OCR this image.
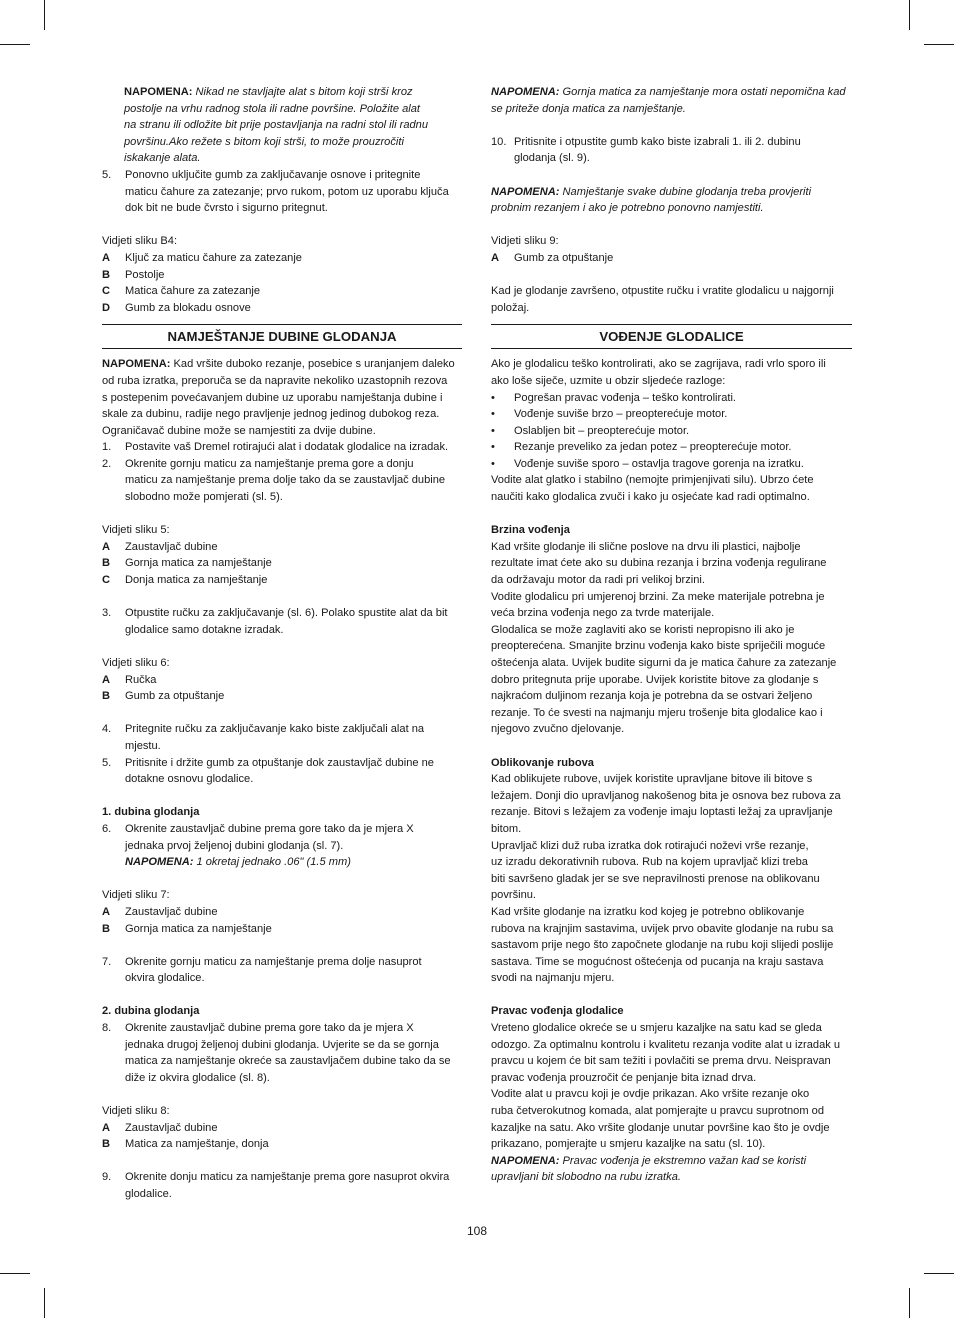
NAPOMENA: Nikad ne stavljajte alat s bitom koji strši kroz

postolje na vrhu radnog stola ili radne površine. Položite alat

na stranu ili odložite bit prije postavljanja na radni stol ili radnu

površinu.Ako režete s bitom koji strši, to može prouzročiti

iskakanje alata.

5.	Ponovno uključite gumb za zaključavanje osnove i pritegnite

maticu čahure za zatezanje; prvo rukom, potom uz uporabu ključa

dok bit ne bude čvrsto i sigurno pritegnut.

Vidjeti sliku B4:

A	Ključ za maticu čahure za zatezanje
B	Postolje
C	Matica čahure za zatezanje
D	Gumb za blokadu osnove
NAMJEŠTANJE DUBINE GLODANJA

NAPOMENA: Kad vršite duboko rezanje, posebice s uranjanjem daleko

od ruba izratka, preporuča se da napravite nekoliko uzastopnih rezova

s postepenim povećavanjem dubine uz uporabu namještanja dubine i

skale za dubinu, radije nego pravljenje jednog jedinog dubokog reza.

Ograničavač dubine može se namjestiti za dvije dubine.

1.	Postavite vaš Dremel rotirajući alat i dodatak glodalice na izradak.

2.	Okrenite gornju maticu za namještanje prema gore a donju

maticu za namještanje prema dolje tako da se zaustavljač dubine

slobodno može pomjerati (sl. 5).

Vidjeti sliku 5:

A	Zaustavljač dubine
B	Gornja matica za namještanje
C	Donja matica za namještanje
3.	Otpustite ručku za zaključavanje (sl. 6). Polako spustite alat da bit

glodalice samo dotakne izradak.

Vidjeti sliku 6:

A	Ručka
B	Gumb za otpuštanje
4.	Pritegnite ručku za zaključavanje kako biste zaključali alat na

mjestu.

5.	Pritisnite i držite gumb za otpuštanje dok zaustavljač dubine ne

dotakne osnovu glodalice.

1. dubina glodanja

6.	Okrenite zaustavljač dubine prema gore tako da je mjera X

jednaka prvoj željenoj dubini glodanja (sl. 7).

NAPOMENA: 1 okretaj jednako .06" (1.5 mm)

Vidjeti sliku 7:

A	Zaustavljač dubine
B	Gornja matica za namještanje
7.	Okrenite gornju maticu za namještanje prema dolje nasuprot

okvira glodalice.

2. dubina glodanja

8.	Okrenite zaustavljač dubine prema gore tako da je mjera X

jednaka drugoj željenoj dubini glodanja. Uvjerite se da se gornja

matica za namještanje okreće sa zaustavljačem dubine tako da se

diže iz okvira glodalice (sl. 8).

Vidjeti sliku 8:

A	Zaustavljač dubine
B	Matica za namještanje, donja
9.	Okrenite donju maticu za namještanje prema gore nasuprot okvira

glodalice.

NAPOMENA: Gornja matica za namještanje mora ostati nepomična kad

se priteže donja matica za namještanje.

10. Pritisnite i otpustite gumb kako biste izabrali 1. ili 2. dubinu

glodanja (sl. 9).

NAPOMENA: Namještanje svake dubine glodanja treba provjeriti

probnim rezanjem i ako je potrebno ponovno namjestiti.

Vidjeti sliku 9:

A	Gumb za otpuštanje

Kad je glodanje završeno, otpustite ručku i vratite glodalicu u najgornji

položaj.

VOĐENJE GLODALICE

Ako je glodalicu teško kontrolirati, ako se zagrijava, radi vrlo sporo ili

ako loše siječe, uzmite u obzir sljedeće razloge:

•	Pogrešan pravac vođenja – teško kontrolirati.
•	Vođenje suviše brzo – preopterećuje motor.
•	Oslabljen bit – preopterećuje motor.
•	Rezanje preveliko za jedan potez – preopterećuje motor.
•	Vođenje suviše sporo – ostavlja tragove gorenja na izratku.

Vodite alat glatko i stabilno (nemojte primjenjivati silu). Ubrzo ćete

naučiti kako glodalica zvuči i kako ju osjećate kad radi optimalno.

Brzina vođenja

Kad vršite glodanje ili slične poslove na drvu ili plastici, najbolje

rezultate imat ćete ako su dubina rezanja i brzina vođenja regulirane

da održavaju motor da radi pri velikoj brzini.

Vodite glodalicu pri umjerenoj brzini. Za meke materijale potrebna je

veća brzina vođenja nego za tvrde materijale.

Glodalica se može zaglaviti ako se koristi nepropisno ili ako je

preopterećena. Smanjite brzinu vođenja kako biste spriječili moguće

oštećenja alata. Uvijek budite sigurni da je matica čahure za zatezanje

dobro pritegnuta prije uporabe. Uvijek koristite bitove za glodanje s

najkraćom duljinom rezanja koja je potrebna da se ostvari željeno

rezanje. To će svesti na najmanju mjeru trošenje bita glodalice kao i

njegovo zvučno djelovanje.

Oblikovanje rubova

Kad oblikujete rubove, uvijek koristite upravljane bitove ili bitove s

ležajem. Donji dio upravljanog nakošenog bita je osnova bez rubova za

rezanje. Bitovi s ležajem za vođenje imaju loptasti ležaj za upravljanje

bitom.

Upravljač klizi duž ruba izratka dok rotirajući noževi vrše rezanje,

uz izradu dekorativnih rubova. Rub na kojem upravljač klizi treba

biti savršeno gladak jer se sve nepravilnosti prenose na oblikovanu

površinu.

Kad vršite glodanje na izratku kod kojeg je potrebno oblikovanje

rubova na krajnjim sastavima, uvijek prvo obavite glodanje na rubu sa

sastavom prije nego što započnete glodanje na rubu koji slijedi poslije

sastava. Time se mogućnost oštećenja od pucanja na kraju sastava

svodi na najmanju mjeru.

Pravac vođenja glodalice

Vreteno glodalice okreće se u smjeru kazaljke na satu kad se gleda

odozgo. Za optimalnu kontrolu i kvalitetu rezanja vodite alat u izradak u

pravcu u kojem će bit sam težiti i povlačiti se prema drvu. Neispravan

pravac vođenja prouzročit će penjanje bita iznad drva.

Vodite alat u pravcu koji je ovdje prikazan. Ako vršite rezanje oko

ruba četverokutnog komada, alat pomjerajte u pravcu suprotnom od

kazaljke na satu. Ako vršite glodanje unutar površine kao što je ovdje

prikazano, pomjerajte u smjeru kazaljke na satu (sl. 10).

NAPOMENA: Pravac vođenja je ekstremno važan kad se koristi

upravljani bit slobodno na rubu izratka.

108
